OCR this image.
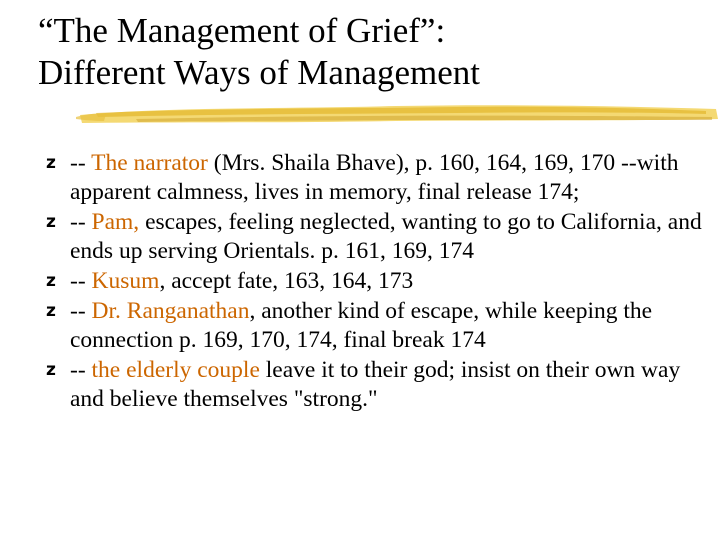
“The Management of Grief”:
Different Ways of Management
z -- The narrator (Mrs. Shaila Bhave), p. 160, 164, 169, 170 --with apparent calmness, lives in memory, final release 174;
z -- Pam, escapes, feeling neglected, wanting to go to California, and ends up serving Orientals. p. 161, 169, 174
z -- Kusum, accept fate, 163, 164, 173
z -- Dr. Ranganathan, another kind of escape, while keeping the connection p. 169, 170, 174, final break 174
z -- the elderly couple leave it to their god; insist on their own way and believe themselves "strong."
